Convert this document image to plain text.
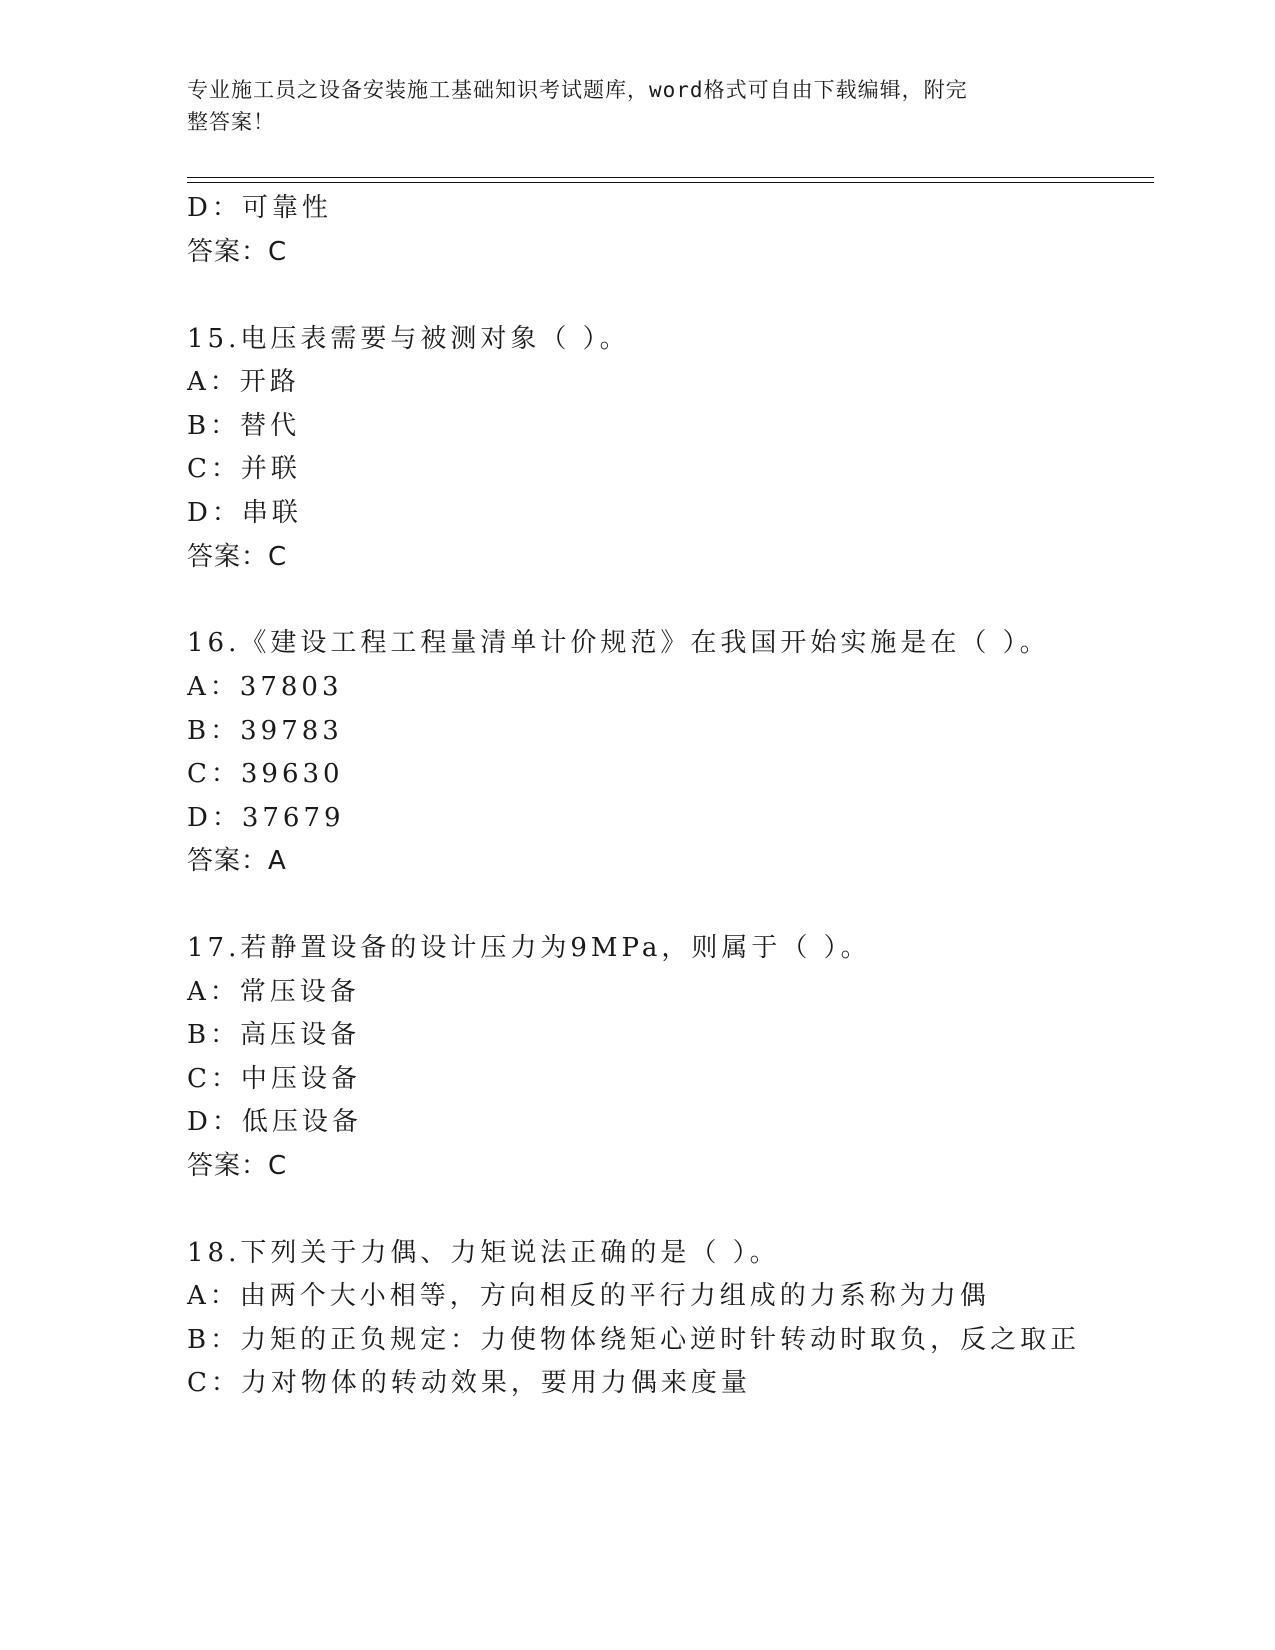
专业施工员之设备安装施工基础知识考试题库，word格式可自由下载编辑，附完
整答案！
D：可靠性
答案：C
15.电压表需要与被测对象（ ）。
A：开路
B：替代
C：并联
D：串联
答案：C
16.《建设工程工程量清单计价规范》在我国开始实施是在（ ）。
A：37803
B：39783
C：39630
D：37679
答案：A
17.若静置设备的设计压力为9MPa，则属于（ ）。
A：常压设备
B：高压设备
C：中压设备
D：低压设备
答案：C
18.下列关于力偶、力矩说法正确的是（ ）。
A：由两个大小相等，方向相反的平行力组成的力系称为力偶
B：力矩的正负规定：力使物体绕矩心逆时针转动时取负，反之取正
C：力对物体的转动效果，要用力偶来度量
